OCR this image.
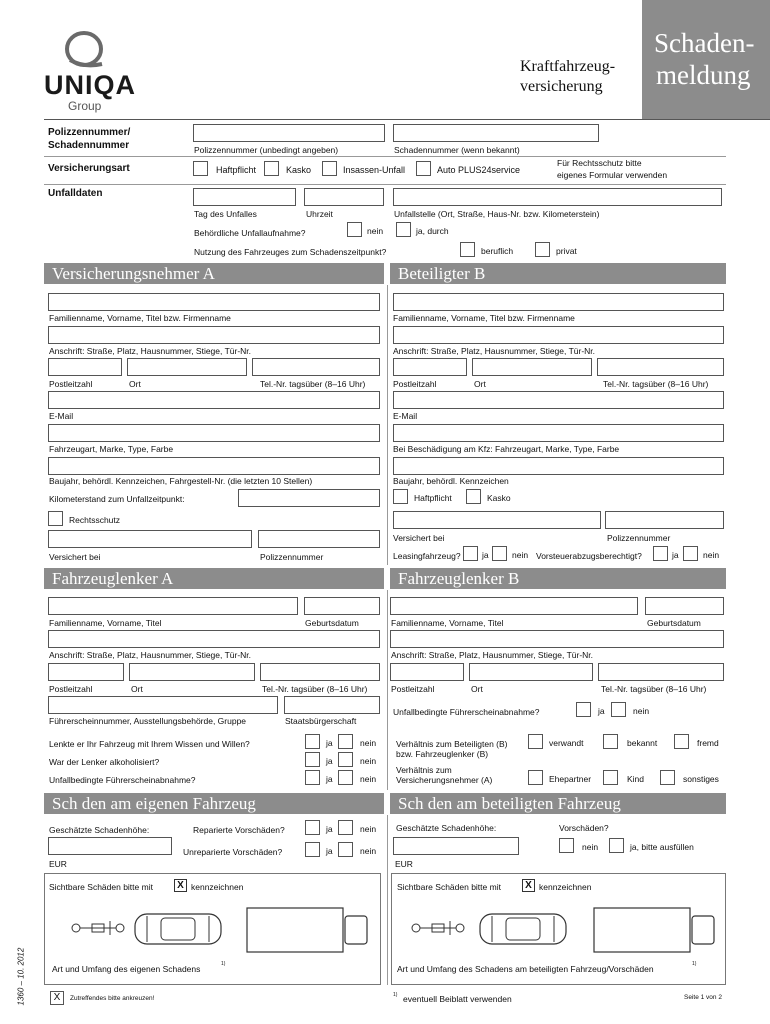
UNIQA
Group
Kraftfahrzeug-
versicherung
Schaden-
meldung
Polizzennummer/
Schadennummer	Polizzennummer (unbedingt angeben)	Schadennummer (wenn bekannt)
Versicherungsart	Haftpflicht	Kasko	Insassen-Unfall	Auto PLUS24service
Für Rechtsschutz bitte
eigenes Formular verwenden
Unfalldaten
Tag des Unfalles	Uhrzeit	Unfallstelle (Ort, Straße, Haus-Nr. bzw. Kilometerstein)
Behördliche Unfallaufnahme?	nein	ja, durch
Nutzung des Fahrzeuges zum Schadenszeitpunkt?	beruflich	privat
Versicherungsnehmer A	Beteiligter B
Familienname, Vorname, Titel bzw. Firmenname
Anschrift: Straße, Platz, Hausnummer, Stiege, Tür-Nr.
Postleitzahl	Ort	Tel.-Nr. tagsüber (8–16 Uhr)
E-Mail
Fahrzeugart, Marke, Type, Farbe
Baujahr, behördl. Kennzeichen, Fahrgestell-Nr. (die letzten 10 Stellen)
Kilometerstand zum Unfallzeitpunkt:
Rechtsschutz
Versichert bei	Polizzennummer
Familienname, Vorname, Titel bzw. Firmenname
Anschrift: Straße, Platz, Hausnummer, Stiege, Tür-Nr.
Postleitzahl	Ort	Tel.-Nr. tagsüber (8–16 Uhr)
E-Mail
Bei Beschädigung am Kfz: Fahrzeugart, Marke, Type, Farbe
Baujahr, behördl. Kennzeichen
Haftpflicht	Kasko
Versichert bei	Polizzennummer
Leasingfahrzeug?	ja	nein Vorsteuerabzugsberechtigt?	ja	nein
Fahrzeuglenker A	Fahrzeuglenker B
Familienname, Vorname, Titel	Geburtsdatum
Anschrift: Straße, Platz, Hausnummer, Stiege, Tür-Nr.
Postleitzahl	Ort	Tel.-Nr. tagsüber (8–16 Uhr)
Führerscheinnummer, Ausstellungsbehörde, Gruppe	Staatsbürgerschaft
Lenkte er Ihr Fahrzeug mit Ihrem Wissen und Willen?	ja	nein
War der Lenker alkoholisiert?	ja	nein
Unfallbedingte Führerscheinabnahme?	ja	nein
Familienname, Vorname, Titel	Geburtsdatum
Anschrift: Straße, Platz, Hausnummer, Stiege, Tür-Nr.
Postleitzahl	Ort	Tel.-Nr. tagsüber (8–16 Uhr)
Unfallbedingte Führerscheinabnahme?	ja	nein
Verhältnis zum Beteiligten (B)
bzw. Fahrzeuglenker (B)
verwandt	bekannt	fremd
Verhältnis zum
Versicherungsnehmer (A)	Ehepartner	Kind	sonstiges
Sch den am eigenen Fahrzeug	Sch den am beteiligten Fahrzeug
Geschätzte Schadenhöhe:	Reparierte Vorschäden?	ja	nein
Unreparierte Vorschäden?	ja	nein
EUR
Geschätzte Schadenhöhe:	Vorschäden?
nein	ja, bitte ausfüllen
EUR
Sichtbare Schäden bitte mit	X kennzeichnen	Sichtbare Schäden bitte mit	X kennzeichnen
Art und Umfang des eigenen Schadens	1)	Art und Umfang des Schadens am beteiligten Fahrzeug/Vorschäden	1)
1360 – 10. 2012	X	Zutreffendes bitte ankreuzen!	1) eventuell Beiblatt verwenden	Seite 1 von 2
